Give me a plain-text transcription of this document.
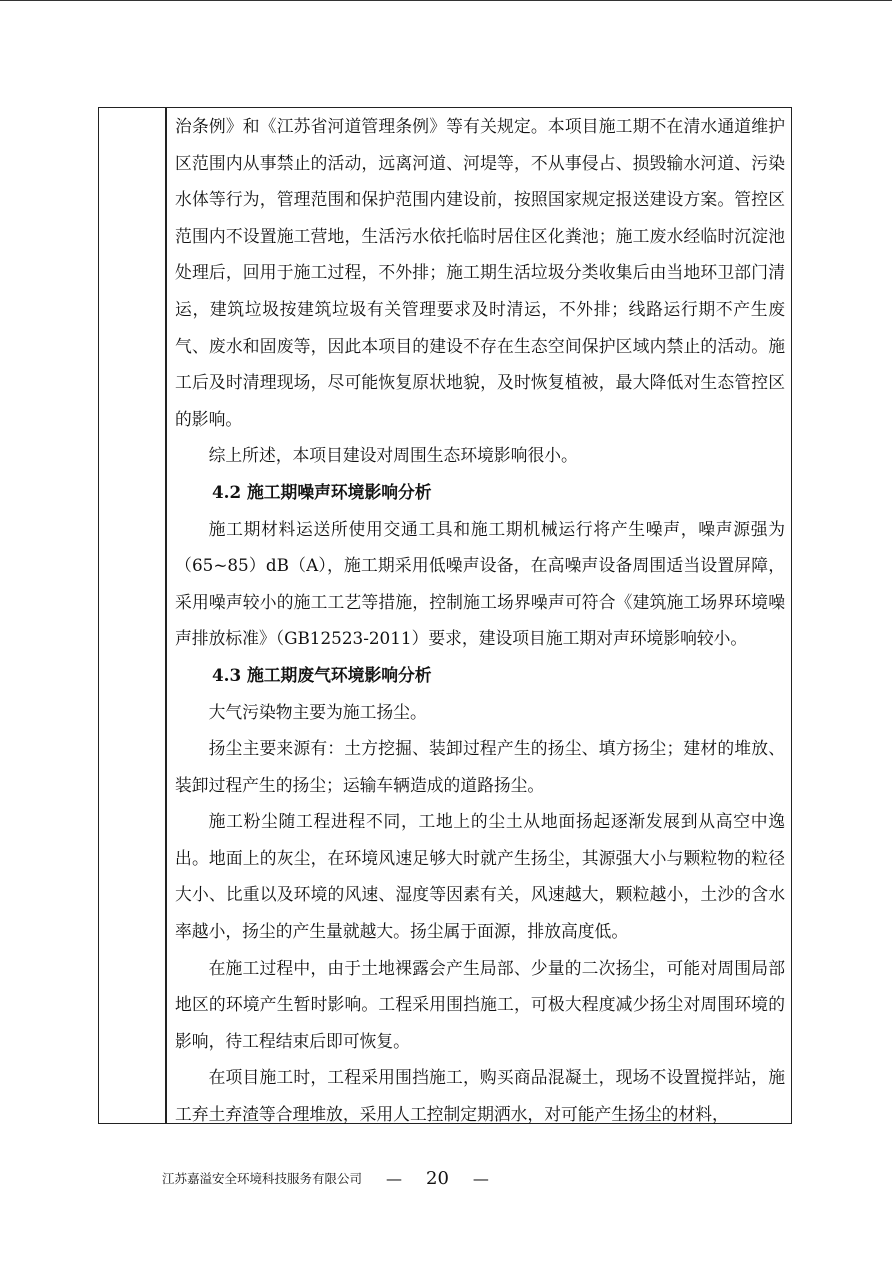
治条例》和《江苏省河道管理条例》等有关规定。本项目施工期不在清水通道维护区范围内从事禁止的活动，远离河道、河堤等，不从事侵占、损毁输水河道、污染水体等行为，管理范围和保护范围内建设前，按照国家规定报送建设方案。管控区范围内不设置施工营地，生活污水依托临时居住区化粪池；施工废水经临时沉淀池处理后，回用于施工过程，不外排；施工期生活垃圾分类收集后由当地环卫部门清运，建筑垃圾按建筑垃圾有关管理要求及时清运，不外排；线路运行期不产生废气、废水和固废等，因此本项目的建设不存在生态空间保护区域内禁止的活动。施工后及时清理现场，尽可能恢复原状地貌，及时恢复植被，最大降低对生态管控区的影响。

综上所述，本项目建设对周围生态环境影响很小。

4.2 施工期噪声环境影响分析

施工期材料运送所使用交通工具和施工期机械运行将产生噪声，噪声源强为（65~85）dB（A），施工期采用低噪声设备，在高噪声设备周围适当设置屏障，采用噪声较小的施工工艺等措施，控制施工场界噪声可符合《建筑施工场界环境噪声排放标准》（GB12523-2011）要求，建设项目施工期对声环境影响较小。

4.3 施工期废气环境影响分析

大气污染物主要为施工扬尘。

扬尘主要来源有：土方挖掘、装卸过程产生的扬尘、填方扬尘；建材的堆放、装卸过程产生的扬尘；运输车辆造成的道路扬尘。

施工粉尘随工程进程不同，工地上的尘土从地面扬起逐渐发展到从高空中逸出。地面上的灰尘，在环境风速足够大时就产生扬尘，其源强大小与颗粒物的粒径大小、比重以及环境的风速、湿度等因素有关，风速越大，颗粒越小，土沙的含水率越小，扬尘的产生量就越大。扬尘属于面源，排放高度低。

在施工过程中，由于土地裸露会产生局部、少量的二次扬尘，可能对周围局部地区的环境产生暂时影响。工程采用围挡施工，可极大程度减少扬尘对周围环境的影响，待工程结束后即可恢复。

在项目施工时，工程采用围挡施工，购买商品混凝土，现场不设置搅拌站，施工弃土弃渣等合理堆放，采用人工控制定期洒水，对可能产生扬尘的材料，

江苏嘉溢安全环境科技服务有限公司 — 20 —
